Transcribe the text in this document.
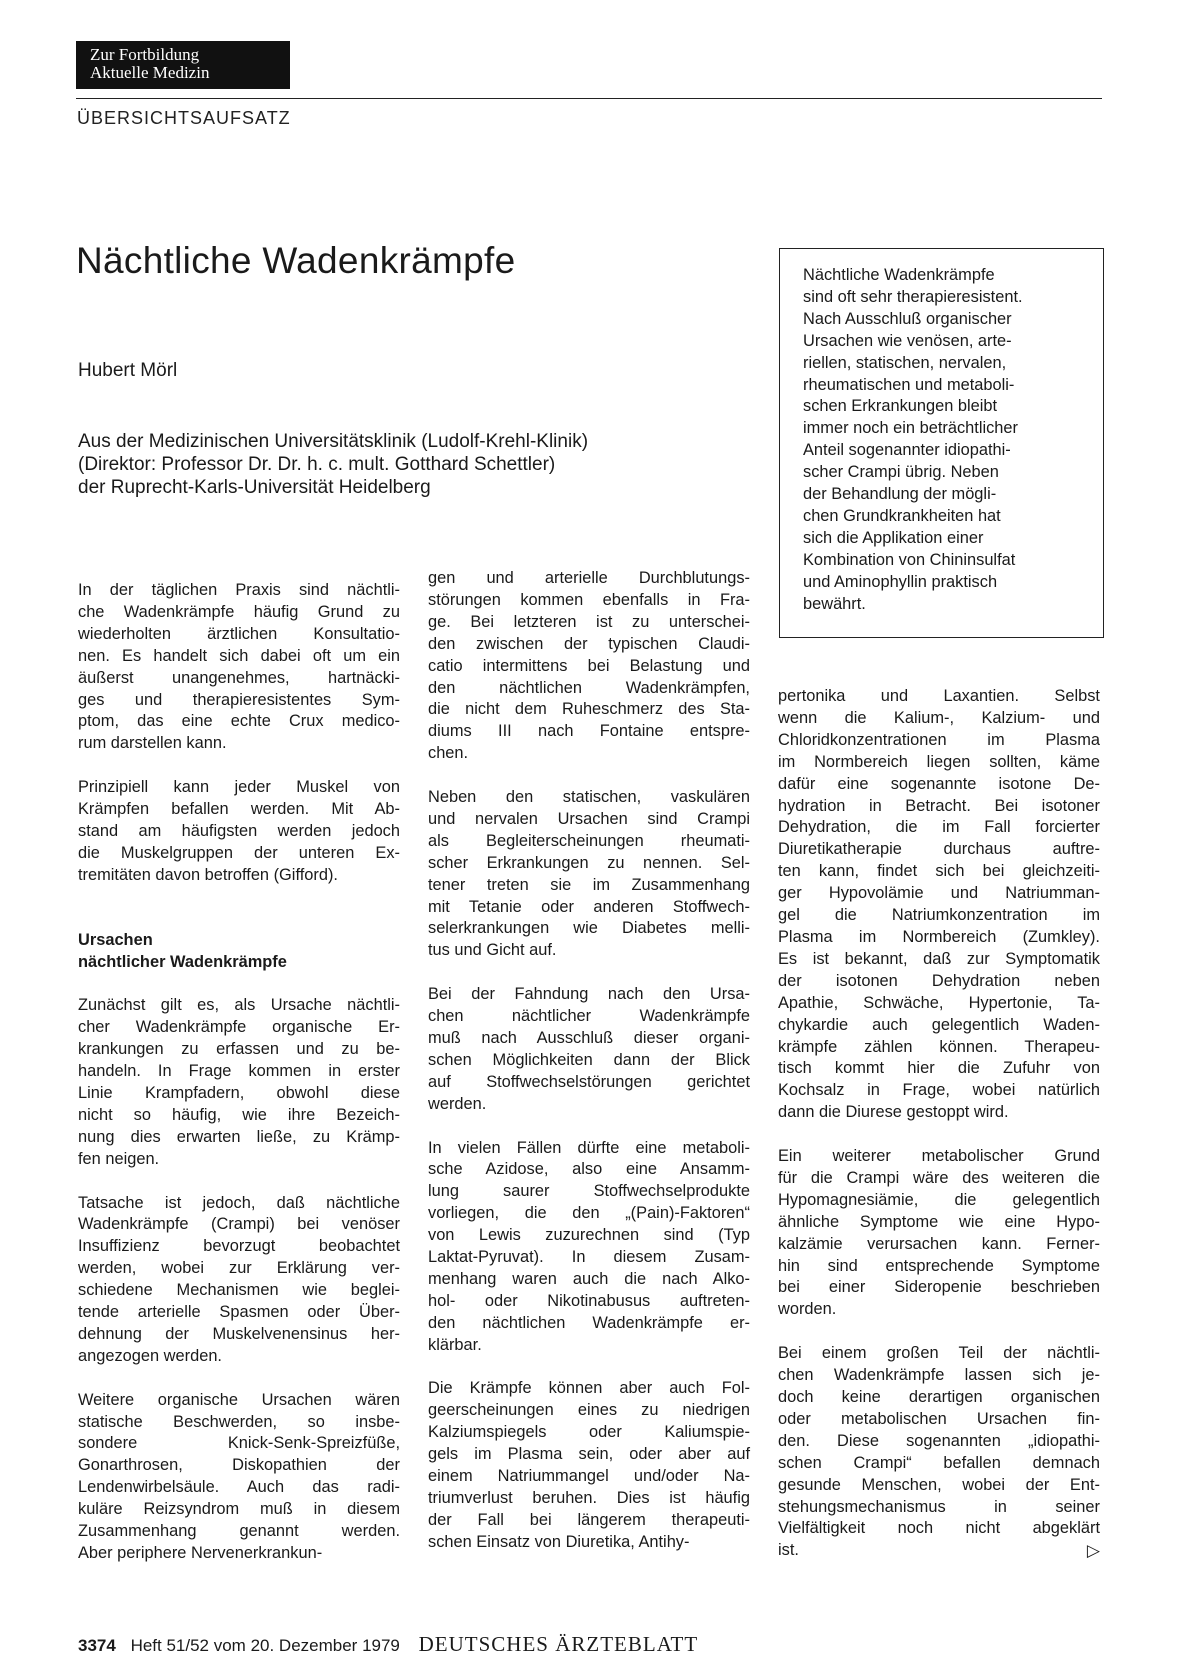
Zur Fortbildung
Aktuelle Medizin
ÜBERSICHTSAUFSATZ
Nächtliche Wadenkrämpfe
Hubert Mörl
Aus der Medizinischen Universitätsklinik (Ludolf-Krehl-Klinik)
(Direktor: Professor Dr. Dr. h. c. mult. Gotthard Schettler)
der Ruprecht-Karls-Universität Heidelberg
Nächtliche Wadenkrämpfe
sind oft sehr therapieresistent.
Nach Ausschluß organischer
Ursachen wie venösen, arte-
riellen, statischen, nervalen,
rheumatischen und metaboli-
schen Erkrankungen bleibt
immer noch ein beträchtlicher
Anteil sogenannter idiopathi-
scher Crampi übrig. Neben
der Behandlung der mögli-
chen Grundkrankheiten hat
sich die Applikation einer
Kombination von Chininsulfat
und Aminophyllin praktisch
bewährt.
In der täglichen Praxis sind nächtli-
che Wadenkrämpfe häufig Grund zu
wiederholten ärztlichen Konsultatio-
nen. Es handelt sich dabei oft um ein
äußerst unangenehmes, hartnäcki-
ges und therapieresistentes Sym-
ptom, das eine echte Crux medico-
rum darstellen kann.
Prinzipiell kann jeder Muskel von
Krämpfen befallen werden. Mit Ab-
stand am häufigsten werden jedoch
die Muskelgruppen der unteren Ex-
tremitäten davon betroffen (Gifford).
Ursachen
nächtlicher Wadenkrämpfe
Zunächst gilt es, als Ursache nächtli-
cher Wadenkrämpfe organische Er-
krankungen zu erfassen und zu be-
handeln. In Frage kommen in erster
Linie Krampfadern, obwohl diese
nicht so häufig, wie ihre Bezeich-
nung dies erwarten ließe, zu Krämp-
fen neigen.
Tatsache ist jedoch, daß nächtliche
Wadenkrämpfe (Crampi) bei venöser
Insuffizienz bevorzugt beobachtet
werden, wobei zur Erklärung ver-
schiedene Mechanismen wie beglei-
tende arterielle Spasmen oder Über-
dehnung der Muskelvenensinus her-
angezogen werden.
Weitere organische Ursachen wären
statische Beschwerden, so insbe-
sondere Knick-Senk-Spreizfüße,
Gonarthrosen, Diskopathien der
Lendenwirbelsäule. Auch das radi-
kuläre Reizsyndrom muß in diesem
Zusammenhang genannt werden.
Aber periphere Nervenerkrankun-
gen und arterielle Durchblutungs-
störungen kommen ebenfalls in Fra-
ge. Bei letzteren ist zu unterschei-
den zwischen der typischen Claudi-
catio intermittens bei Belastung und
den nächtlichen Wadenkrämpfen,
die nicht dem Ruheschmerz des Sta-
diums III nach Fontaine entspre-
chen.
Neben den statischen, vaskulären
und nervalen Ursachen sind Crampi
als Begleiterscheinungen rheumati-
scher Erkrankungen zu nennen. Sel-
tener treten sie im Zusammenhang
mit Tetanie oder anderen Stoffwech-
selerkrankungen wie Diabetes melli-
tus und Gicht auf.
Bei der Fahndung nach den Ursa-
chen nächtlicher Wadenkrämpfe
muß nach Ausschluß dieser organi-
schen Möglichkeiten dann der Blick
auf Stoffwechselstörungen gerichtet
werden.
In vielen Fällen dürfte eine metaboli-
sche Azidose, also eine Ansamm-
lung saurer Stoffwechselprodukte
vorliegen, die den „(Pain)-Faktoren“
von Lewis zuzurechnen sind (Typ
Laktat-Pyruvat). In diesem Zusam-
menhang waren auch die nach Alko-
hol- oder Nikotinabusus auftreten-
den nächtlichen Wadenkrämpfe er-
klärbar.
Die Krämpfe können aber auch Fol-
geerscheinungen eines zu niedrigen
Kalziumspiegels oder Kaliumspie-
gels im Plasma sein, oder aber auf
einem Natriummangel und/oder Na-
triumverlust beruhen. Dies ist häufig
der Fall bei längerem therapeuti-
schen Einsatz von Diuretika, Antihy-
pertonika und Laxantien. Selbst
wenn die Kalium-, Kalzium- und
Chloridkonzentrationen im Plasma
im Normbereich liegen sollten, käme
dafür eine sogenannte isotone De-
hydration in Betracht. Bei isotoner
Dehydration, die im Fall forcierter
Diuretikatherapie durchaus auftre-
ten kann, findet sich bei gleichzeiti-
ger Hypovolämie und Natriumman-
gel die Natriumkonzentration im
Plasma im Normbereich (Zumkley).
Es ist bekannt, daß zur Symptomatik
der isotonen Dehydration neben
Apathie, Schwäche, Hypertonie, Ta-
chykardie auch gelegentlich Waden-
krämpfe zählen können. Therapeu-
tisch kommt hier die Zufuhr von
Kochsalz in Frage, wobei natürlich
dann die Diurese gestoppt wird.
Ein weiterer metabolischer Grund
für die Crampi wäre des weiteren die
Hypomagnesiämie, die gelegentlich
ähnliche Symptome wie eine Hypo-
kalzämie verursachen kann. Ferner-
hin sind entsprechende Symptome
bei einer Sideropenie beschrieben
worden.
Bei einem großen Teil der nächtli-
chen Wadenkrämpfe lassen sich je-
doch keine derartigen organischen
oder metabolischen Ursachen fin-
den. Diese sogenannten „idiopathi-
schen Crampi“ befallen demnach
gesunde Menschen, wobei der Ent-
stehungsmechanismus in seiner
Vielfältigkeit noch nicht abgeklärt
ist.	▷
3374 Heft 51/52 vom 20. Dezember 1979 DEUTSCHES ÄRZTEBLATT
